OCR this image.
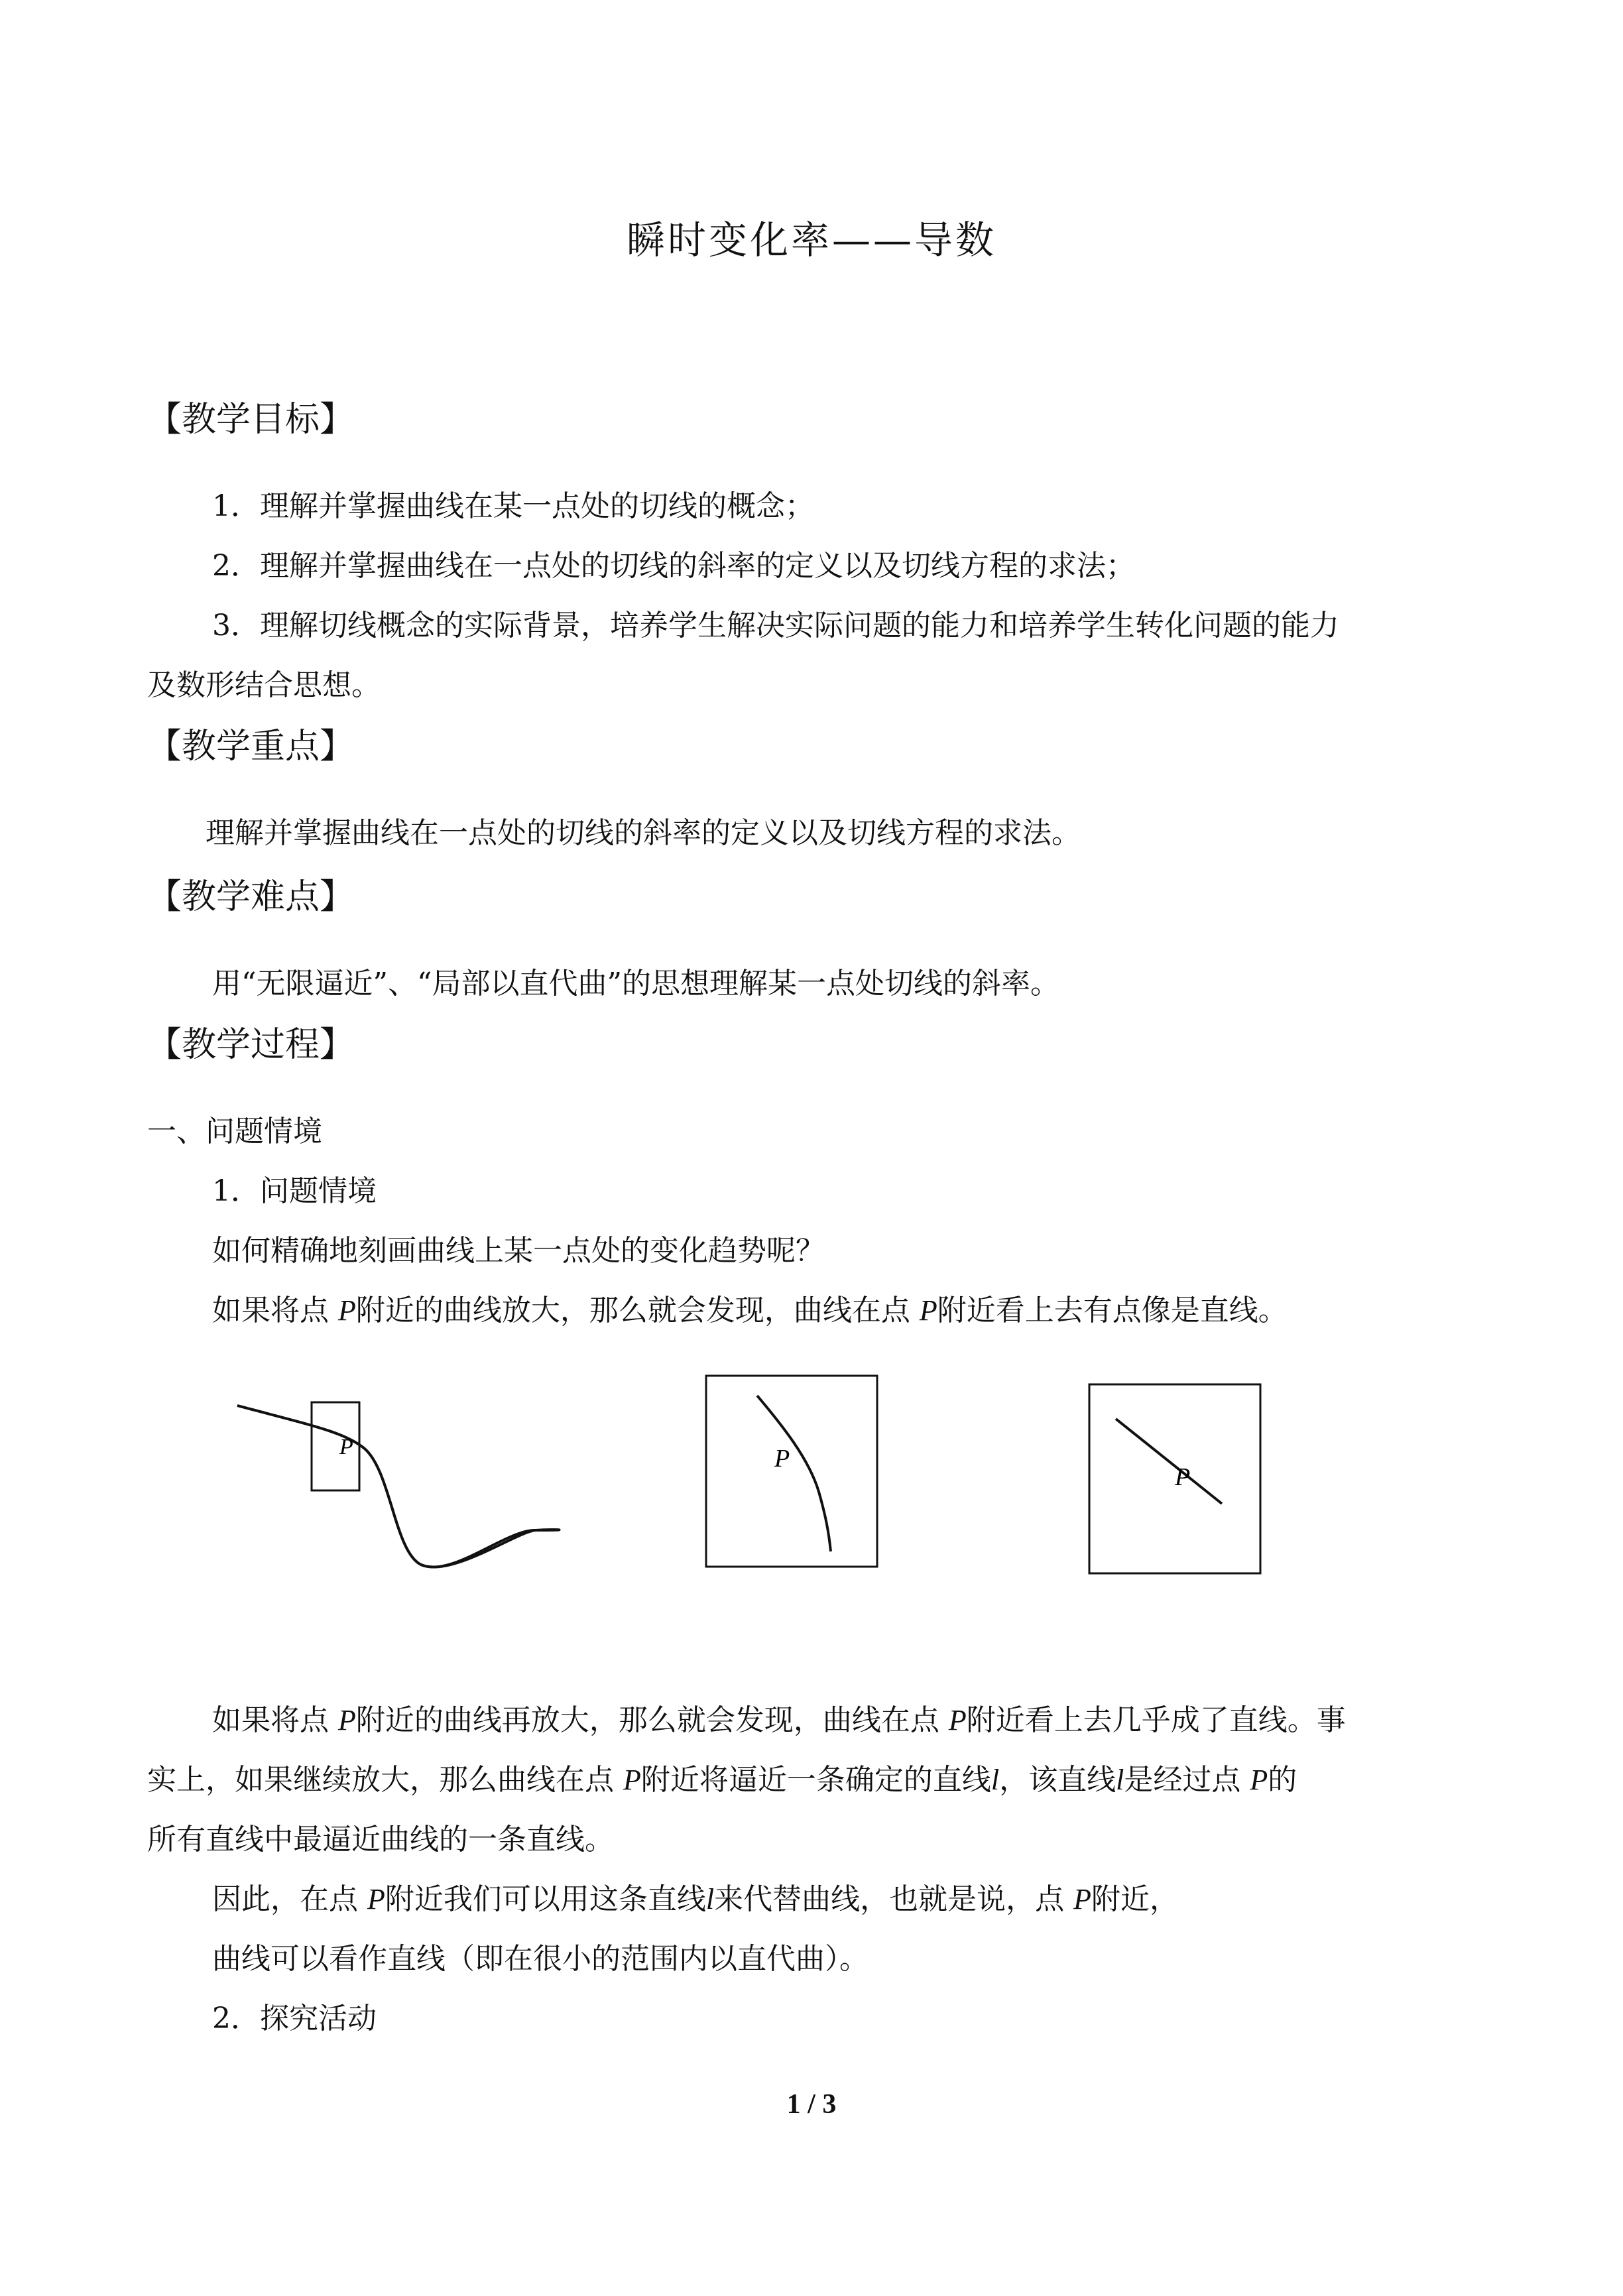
瞬时变化率——导数
【教学目标】
1．理解并掌握曲线在某一点处的切线的概念；
2．理解并掌握曲线在一点处的切线的斜率的定义以及切线方程的求法；
3．理解切线概念的实际背景，培养学生解决实际问题的能力和培养学生转化问题的能力
及数形结合思想。
【教学重点】
理解并掌握曲线在一点处的切线的斜率的定义以及切线方程的求法。
【教学难点】
用“无限逼近”、“局部以直代曲”的思想理解某一点处切线的斜率。
【教学过程】
一、问题情境
1．问题情境
如何精确地刻画曲线上某一点处的变化趋势呢？
如果将点 P附近的曲线放大，那么就会发现，曲线在点 P附近看上去有点像是直线。
P	P
P
如果将点 P附近的曲线再放大，那么就会发现，曲线在点 P附近看上去几乎成了直线。事
实上，如果继续放大，那么曲线在点 P附近将逼近一条确定的直线l，该直线l是经过点 P的
所有直线中最逼近曲线的一条直线。
因此，在点 P附近我们可以用这条直线l来代替曲线，也就是说，点 P附近，
曲线可以看作直线（即在很小的范围内以直代曲）。
2．探究活动
1 / 3
